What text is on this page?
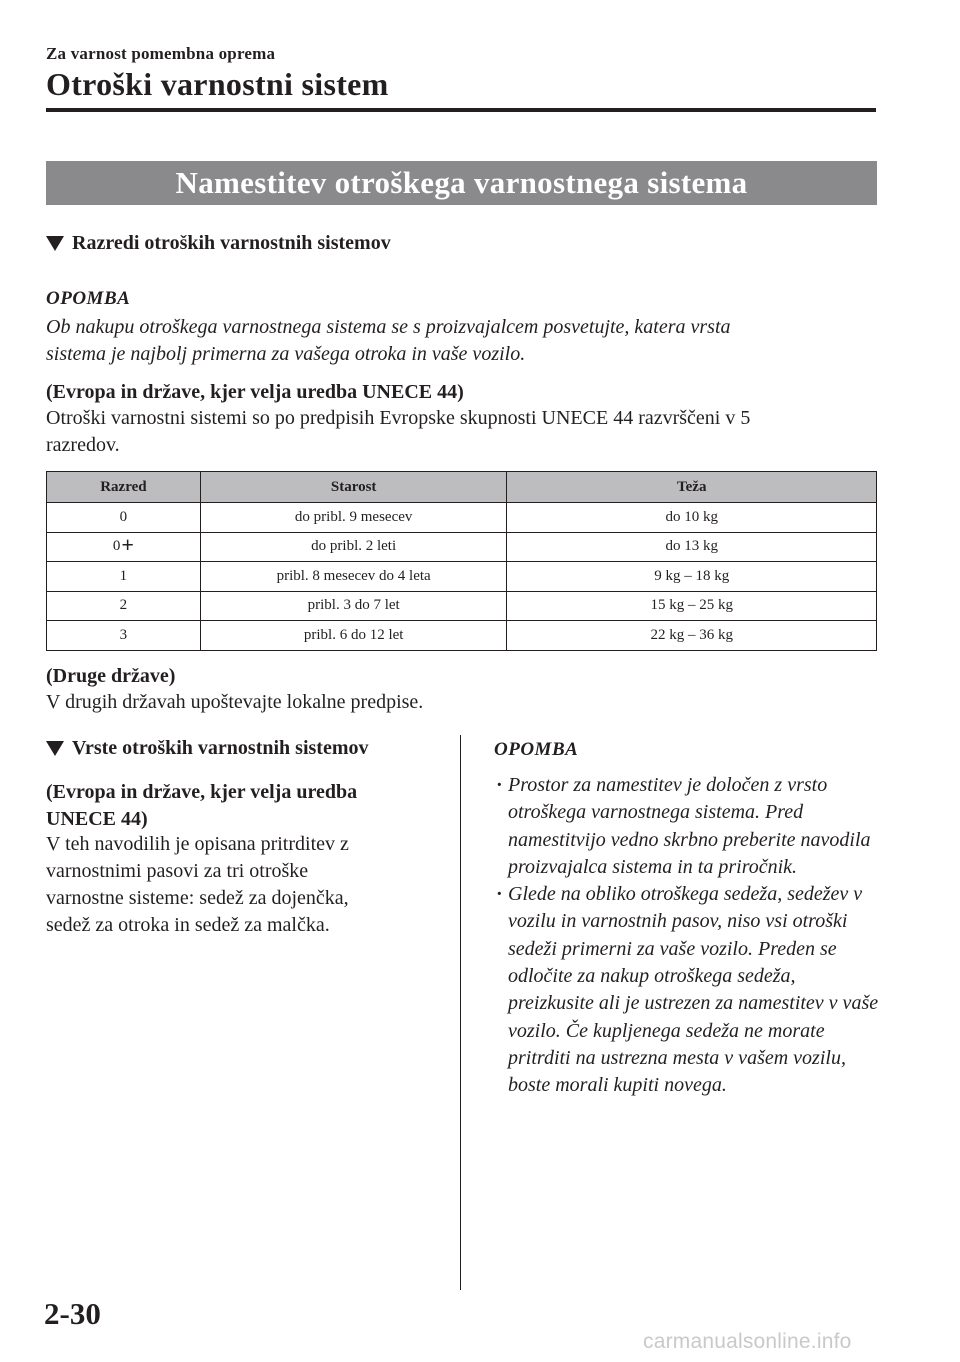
Za varnost pomembna oprema
Otroški varnostni sistem
Namestitev otroškega varnostnega sistema
Razredi otroških varnostnih sistemov
OPOMBA
Ob nakupu otroškega varnostnega sistema se s proizvajalcem posvetujte, katera vrsta
sistema je najbolj primerna za vašega otroka in vaše vozilo.
(Evropa in države, kjer velja uredba UNECE 44)
Otroški varnostni sistemi so po predpisih Evropske skupnosti UNECE 44 razvrščeni v 5
razredov.
Razred	Starost	Teža
0	do pribl. 9 mesecev	do 10 kg
0+	do pribl. 2 leti	do 13 kg
1	pribl. 8 mesecev do 4 leta	9 kg – 18 kg
2	pribl. 3 do 7 let	15 kg – 25 kg
3	pribl. 6 do 12 let	22 kg – 36 kg
(Druge države)
V drugih državah upoštevajte lokalne predpise.
Vrste otroških varnostnih sistemov
(Evropa in države, kjer velja uredba
UNECE 44)
V teh navodilih je opisana pritrditev z
varnostnimi pasovi za tri otroške
varnostne sisteme: sedež za dojenčka,
sedež za otroka in sedež za malčka.
OPOMBA
· Prostor za namestitev je določen z vrsto otroškega varnostnega sistema. Pred namestitvijo vedno skrbno preberite navodila proizvajalca sistema in ta priročnik.
· Glede na obliko otroškega sedeža, sedežev v vozilu in varnostnih pasov, niso vsi otroški sedeži primerni za vaše vozilo. Preden se odločite za nakup otroškega sedeža, preizkusite ali je ustrezen za namestitev v vaše vozilo. Če kupljenega sedeža ne morate pritrditi na ustrezna mesta v vašem vozilu, boste morali kupiti novega.
2-30
carmanualsonline.info
